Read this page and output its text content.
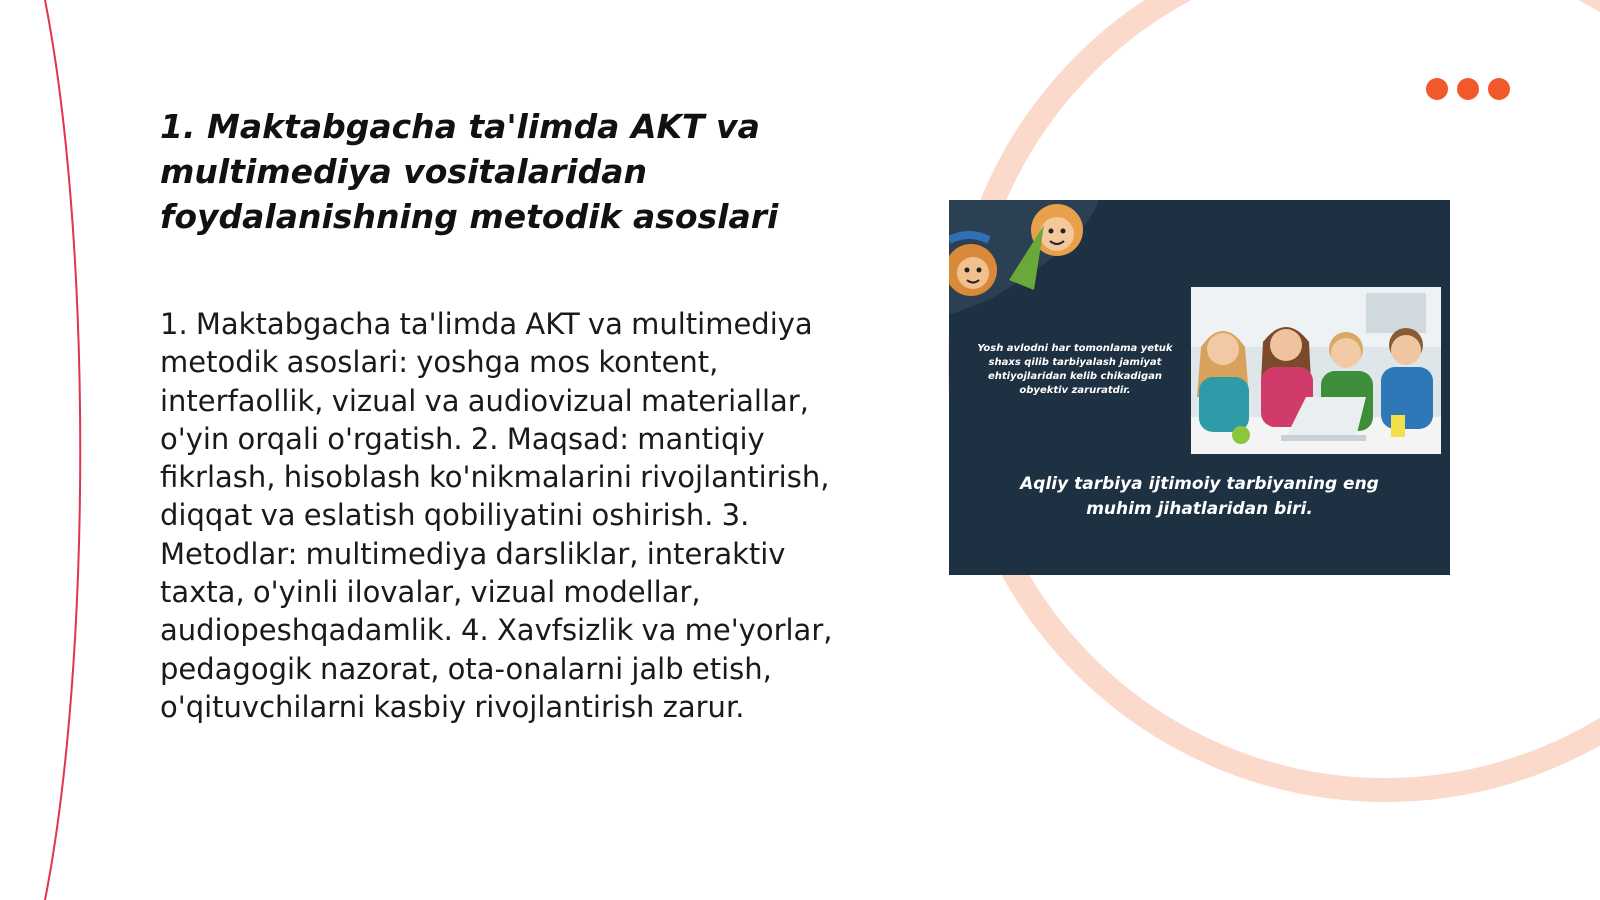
1. Maktabgacha ta'limda AKT va multimediya vositalaridan foydalanishning metodik asoslari

1. Maktabgacha ta'limda AKT va multimediya metodik asoslari: yoshga mos kontent, interfaollik, vizual va audiovizual materiallar, o'yin orqali o'rgatish. 2. Maqsad: mantiqiy fikrlash, hisoblash ko'nikmalarini rivojlantirish, diqqat va eslatish qobiliyatini oshirish. 3. Metodlar: multimediya darsliklar, interaktiv taxta, o'yinli ilovalar, vizual modellar, audiopeshqadamlik. 4. Xavfsizlik va me'yorlar, pedagogik nazorat, ota-onalarni jalb etish, o'qituvchilarni kasbiy rivojlantirish zarur.

Yosh avlodni har tomonlama yetuk shaxs qilib tarbiyalash jamiyat ehtiyojlaridan kelib chikadigan obyektiv zaruratdir.

Aqliy tarbiya ijtimoiy tarbiyaning eng muhim jihatlaridan biri.
